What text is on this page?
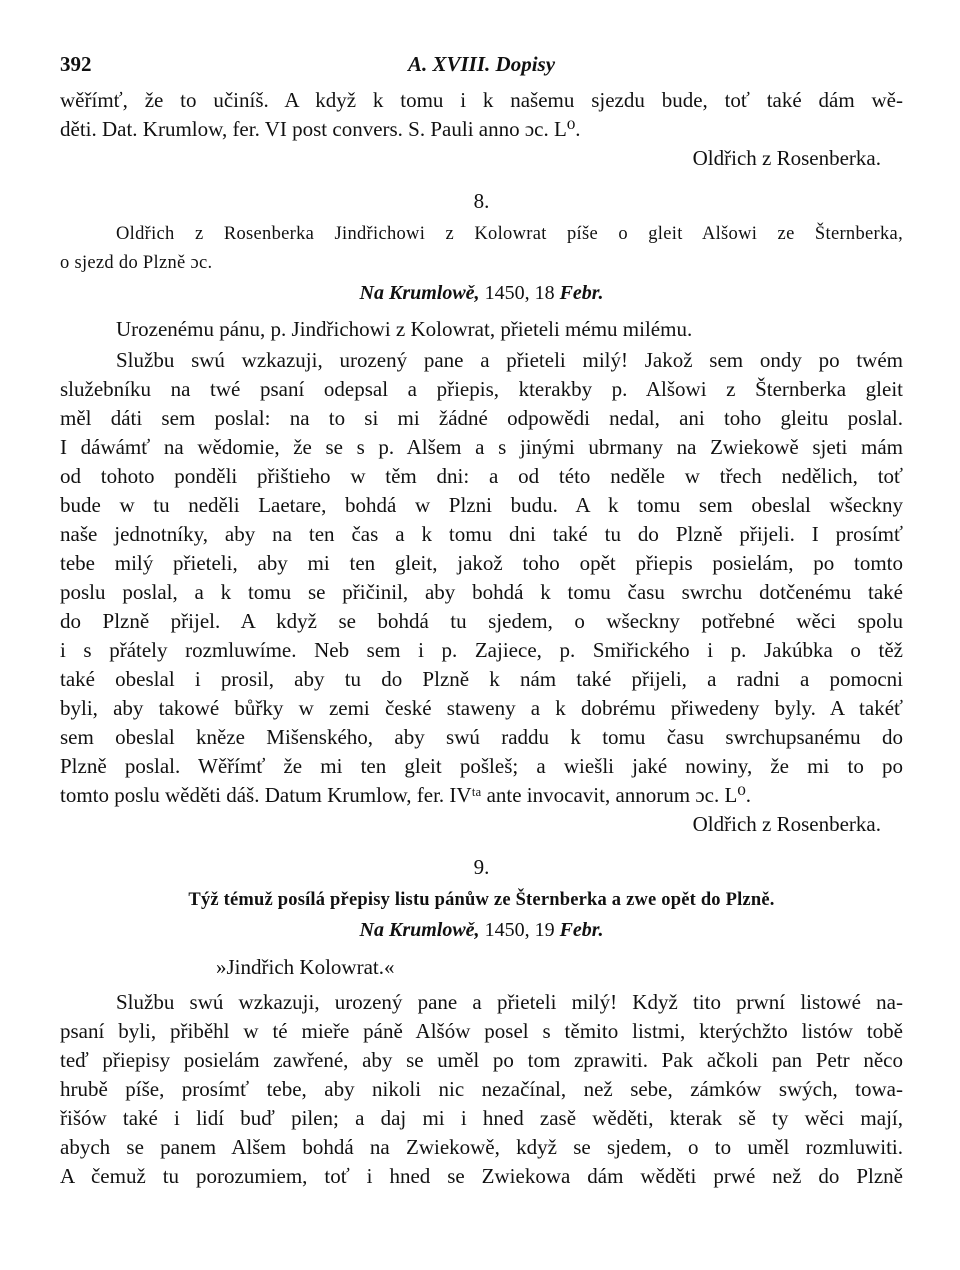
392	A. XVIII. Dopisy
wěřímť, že to učiníš. A když k tomu i k našemu sjezdu bude, toť také dám wě-
děti. Dat. Krumlow, fer. VI post convers. S. Pauli anno ɔc. L⁰.
Oldřich z Rosenberka.
8.
Oldřich z Rosenberka Jindřichowi z Kolowrat píše o gleit Alšowi ze Šternberka,
o sjezd do Plzně ɔc.
Na Krumlowě, 1450, 18 Febr.
Urozenému pánu, p. Jindřichowi z Kolowrat, přieteli mému milému.
Službu swú wzkazuji, urozený pane a přieteli milý! Jakož sem ondy po twém
služebníku na twé psaní odepsal a přiepis, kterakby p. Alšowi z Šternberka gleit
měl dáti sem poslal: na to si mi žádné odpowědi nedal, ani toho gleitu poslal.
I dáwámť na wědomie, že se s p. Alšem a s jinými ubrmany na Zwiekowě sjeti mám
od tohoto ponděli přištieho w těm dni: a od této neděle w třech nedělich, toť
bude w tu neděli Laetare, bohdá w Plzni budu. A k tomu sem obeslal wšeckny
naše jednotníky, aby na ten čas a k tomu dni také tu do Plzně přijeli. I prosímť
tebe milý přieteli, aby mi ten gleit, jakož toho opět přiepis posielám, po tomto
poslu poslal, a k tomu se přičinil, aby bohdá k tomu času swrchu dotčenému také
do Plzně přijel. A když se bohdá tu sjedem, o wšeckny potřebné wěci spolu
i s přátely rozmluwíme. Neb sem i p. Zajiece, p. Smiřického i p. Jakúbka o těž
také obeslal i prosil, aby tu do Plzně k nám také přijeli, a radni a pomocni
byli, aby takowé bůřky w zemi české staweny a k dobrému přiwedeny byly. A takéť
sem obeslal kněze Mišenského, aby swú raddu k tomu času swrchupsanému do
Plzně poslal. Wěřímť že mi ten gleit pošleš; a wiešli jaké nowiny, že mi to po
tomto poslu wěděti dáš. Datum Krumlow, fer. IVᵗᵃ ante invocavit, annorum ɔc. L⁰.
Oldřich z Rosenberka.
9.
Týž témuž posílá přepisy listu pánůw ze Šternberka a zwe opět do Plzně.
Na Krumlowě, 1450, 19 Febr.
»Jindřich Kolowrat.«
Službu swú wzkazuji, urozený pane a přieteli milý! Když tito prwní listowé na-
psaní byli, přiběhl w té mieře páně Alšów posel s těmito listmi, kterýchžto listów tobě
teď přiepisy posielám zawřené, aby se uměl po tom zprawiti. Pak ačkoli pan Petr něco
hrubě píše, prosímť tebe, aby nikoli nic nezačínal, než sebe, zámków swých, towa-
řišów také i lidí buď pilen; a daj mi i hned zasě wěděti, kterak sě ty wěci mají,
abych se panem Alšem bohdá na Zwiekowě, když se sjedem, o to uměl rozmluwiti.
A čemuž tu porozumiem, toť i hned se Zwiekowa dám wěděti prwé než do Plzně
